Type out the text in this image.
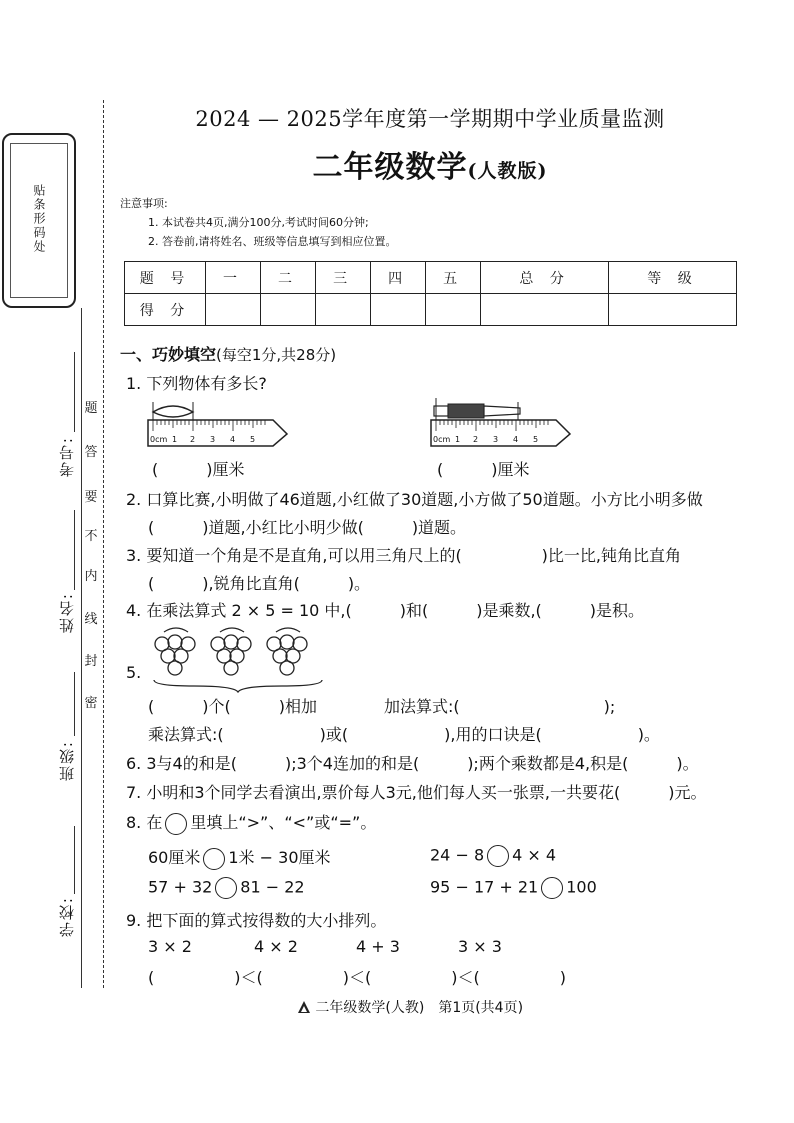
贴条形码处
考号:
姓名:
班级:
学校:
题
答
要
不
内
线
封
密
2024 — 2025学年度第一学期期中学业质量监测
二年级数学(人教版)
注意事项:
1. 本试卷共4页,满分100分,考试时间60分钟;
2. 答卷前,请将姓名、班级等信息填写到相应位置。
题 号	一	二	三	四	五	总 分	等 级
得 分							
一、巧妙填空(每空1分,共28分)
1. 下列物体有多长?
0cm 1 2 3 4 5
(　　　)厘米
0cm 1 2 3 4 5
(　　　)厘米
2. 口算比赛,小明做了46道题,小红做了30道题,小方做了50道题。小方比小明多做
(　　　)道题,小红比小明少做(　　　)道题。
3. 要知道一个角是不是直角,可以用三角尺上的(　　　　　)比一比,钝角比直角
(　　　),锐角比直角(　　　)。
4. 在乘法算式 2 × 5 = 10 中,(　　　)和(　　　)是乘数,(　　　)是积。
5.
(　　　)个(　　　)相加	加法算式:(　　　　　　　　　);
乘法算式:(　　　　　　)或(　　　　　　),用的口诀是(　　　　　　)。
6. 3与4的和是(　　　);3个4连加的和是(　　　);两个乘数都是4,积是(　　　)。
7. 小明和3个同学去看演出,票价每人3元,他们每人买一张票,一共要花(　　　)元。
8. 在 里填上“>”、“<”或“=”。
60厘米 1米 − 30厘米	24 − 8 4 × 4
57 + 32 81 − 22	95 − 17 + 21 100
9. 把下面的算式按得数的大小排列。
3 × 2	4 × 2	4 + 3	3 × 3
(　　　　　)＜(　　　　　)＜(　　　　　)＜(　　　　　)
二年级数学(人教)　第1页(共4页)
